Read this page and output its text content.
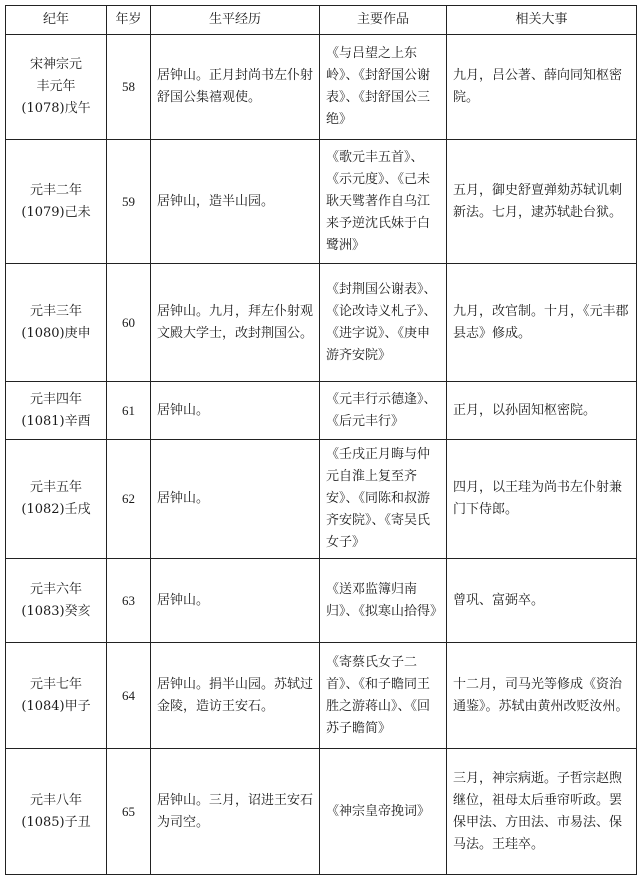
纪年	年岁	生平经历	主要作品	相关大事

宋神宗元
丰元年
(1078)戊午	58	居钟山。正月封尚书左仆射舒国公集禧观使。	《与吕望之上东岭》、《封舒国公谢表》、《封舒国公三绝》	九月，吕公著、薛向同知枢密院。

元丰二年
(1079)己未	59	居钟山，造半山园。	《歌元丰五首》、《示元度》、《己未耿天骘著作自乌江来予逆沈氏妹于白鹭洲》	五月，御史舒亶弹劾苏轼讥刺新法。七月，逮苏轼赴台狱。

元丰三年
(1080)庚申	60	居钟山。九月，拜左仆射观文殿大学士，改封荆国公。	《封荆国公谢表》、《论改诗义札子》、《进字说》、《庚申游齐安院》	九月，改官制。十月，《元丰郡县志》修成。

元丰四年
(1081)辛酉	61	居钟山。	《元丰行示德逢》、《后元丰行》	正月，以孙固知枢密院。

元丰五年
(1082)壬戌	62	居钟山。	《壬戌正月晦与仲元自淮上复至齐安》、《同陈和叔游齐安院》、《寄吴氏女子》	四月，以王珪为尚书左仆射兼门下侍郎。

元丰六年
(1083)癸亥	63	居钟山。	《送邓监簿归南归》、《拟寒山拾得》	曾巩、富弼卒。

元丰七年
(1084)甲子	64	居钟山。捐半山园。苏轼过金陵，造访王安石。	《寄蔡氏女子二首》、《和子瞻同王胜之游蒋山》、《回苏子瞻简》	十二月，司马光等修成《资治通鉴》。苏轼由黄州改贬汝州。

元丰八年
(1085)子丑	65	居钟山。三月，诏进王安石为司空。	《神宗皇帝挽词》	三月，神宗病逝。子哲宗赵煦继位，祖母太后垂帘听政。罢保甲法、方田法、市易法、保马法。王珪卒。
